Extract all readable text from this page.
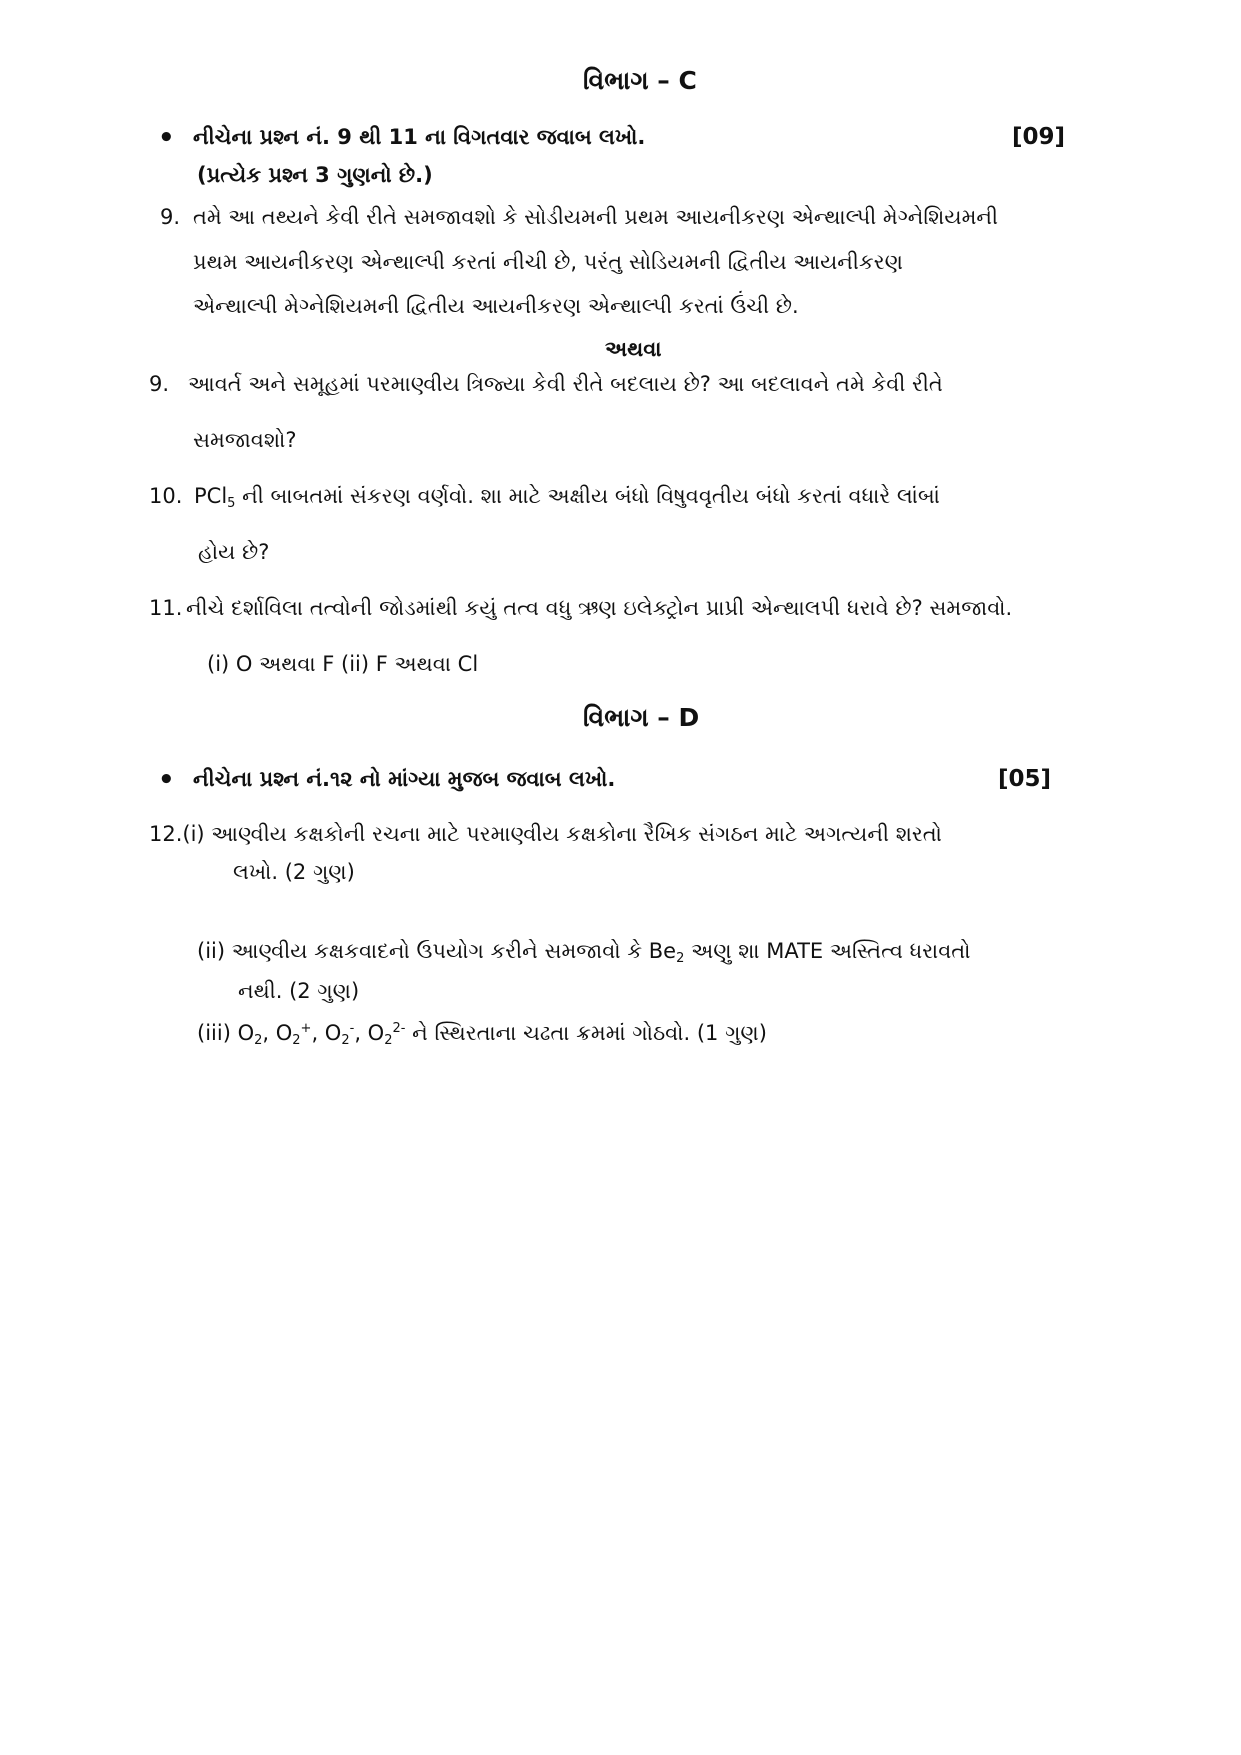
વિભાગ – C
• નીચેના પ્રશ્ન નં. 9 થી 11 ના વિગતવાર જવાબ લખો.	[09]
(પ્રત્યેક પ્રશ્ન 3 ગુણનો છે.)
9. તમે આ તથ્યને કેવી રીતે સમજાવશો કે સોડીયમની પ્રથમ આયનીકરણ એન્થાલ્પી મેગ્નેશિયમની
પ્રથમ આયનીકરણ એન્થાલ્પી કરતાં નીચી છે, પરંતુ સોડિયમની દ્વિતીય આયનીકરણ
એન્થાલ્પી મેગ્નેશિયમની દ્વિતીય આયનીકરણ એન્થાલ્પી કરતાં ઉંચી છે.
અથવા
9. આવર્ત અને સમૂહમાં પરમાણ્વીય ત્રિજ્યા કેવી રીતે બદલાય છે? આ બદલાવને તમે કેવી રીતે
સમજાવશો?
10. PCl$_5$ ની બાબતમાં સંકરણ વર્ણવો. શા માટે અક્ષીય બંધો વિષુવવૃતીય બંધો કરતાં વધારે લાંબાં
હોય છે?
11. નીચે દર્શાવિલા તત્વોની જોડમાંથી કયું તત્વ વધુ ઋણ ઇલેક્ટ્રોન પ્રાપ્રી એન્થાલપી ધરાવે છે? સમજાવો.
(i) O અથવા F (ii) F અથવા Cl
વિભાગ – D
• નીચેના પ્રશ્ન નં.૧૨ નો માંગ્યા મુજબ જવાબ લખો.	[05]
12.(i) આણ્વીય કક્ષકોની રચના માટે પરમાણ્વીય કક્ષકોના રૈખિક સંગઠન માટે અગત્યની શરતો
લખો. (2 ગુણ)
(ii) આણ્વીય કક્ષકવાદનો ઉપયોગ કરીને સમજાવો કે $Be_2$ અણુ શા MATE અસ્તિત્વ ધરાવતો
નથી. (2 ગુણ)
(iii) $O_2$, $O_2^+$, $O_2^-$, $O_2^{2-}$ ને સ્થિરતાના ચઢતા ક્રમમાં ગોઠવો. (1 ગુણ)
